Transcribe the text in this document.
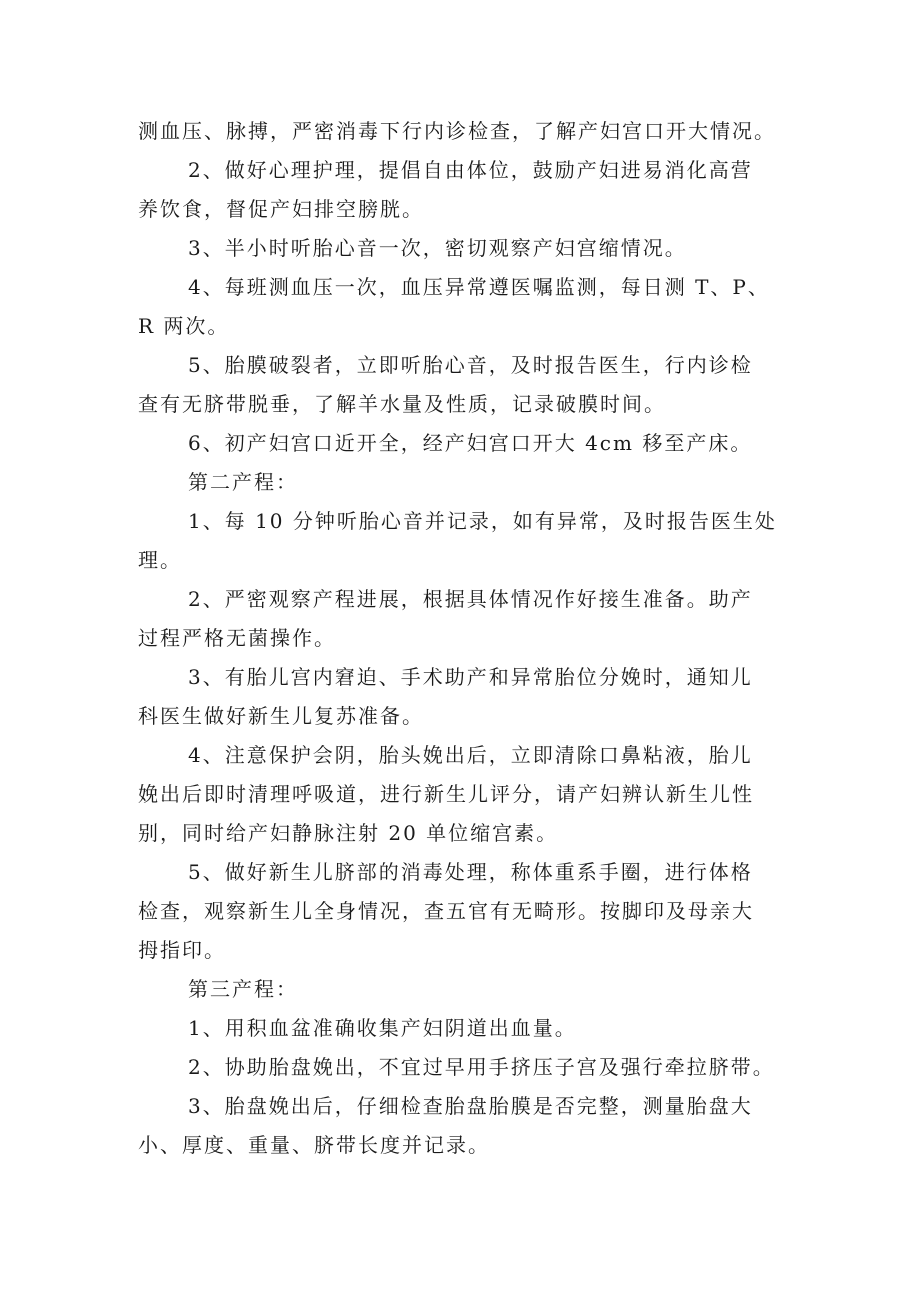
测血压、脉搏，严密消毒下行内诊检查，了解产妇宫口开大情况。
2、做好心理护理，提倡自由体位，鼓励产妇进易消化高营
养饮食，督促产妇排空膀胱。
3、半小时听胎心音一次，密切观察产妇宫缩情况。
4、每班测血压一次，血压异常遵医嘱监测，每日测 T、P、
R 两次。
5、胎膜破裂者，立即听胎心音，及时报告医生，行内诊检
查有无脐带脱垂，了解羊水量及性质，记录破膜时间。
6、初产妇宫口近开全，经产妇宫口开大 4cm 移至产床。
第二产程：
1、每 10 分钟听胎心音并记录，如有异常，及时报告医生处
理。
2、严密观察产程进展，根据具体情况作好接生准备。助产
过程严格无菌操作。
3、有胎儿宫内窘迫、手术助产和异常胎位分娩时，通知儿
科医生做好新生儿复苏准备。
4、注意保护会阴，胎头娩出后，立即清除口鼻粘液，胎儿
娩出后即时清理呼吸道，进行新生儿评分，请产妇辨认新生儿性
别，同时给产妇静脉注射 20 单位缩宫素。
5、做好新生儿脐部的消毒处理，称体重系手圈，进行体格
检查，观察新生儿全身情况，查五官有无畸形。按脚印及母亲大
拇指印。
第三产程：
1、用积血盆准确收集产妇阴道出血量。
2、协助胎盘娩出，不宜过早用手挤压子宫及强行牵拉脐带。
3、胎盘娩出后，仔细检查胎盘胎膜是否完整，测量胎盘大
小、厚度、重量、脐带长度并记录。
